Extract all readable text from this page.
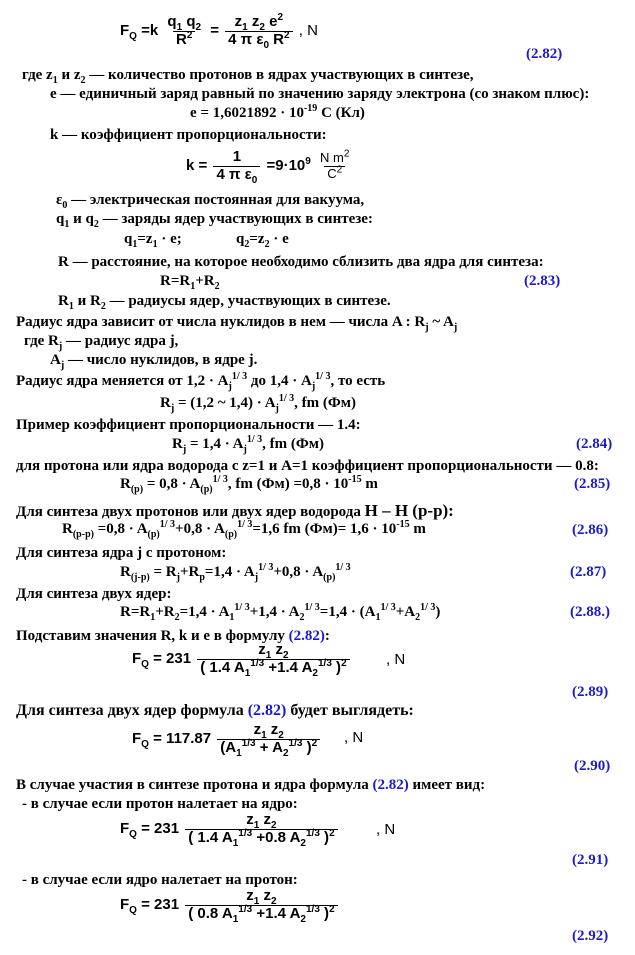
$F_Q =k \frac{q_1 q_2}{R^2} = \frac{z_1 z_2 e^2}{4 \pi \varepsilon_0 R^2}$ , N
(2.82)
где $z_1$ и $z_2$ — количество протонов в ядрах участвующих в синтезе,
e — единичный заряд равный по значению заряду электрона (со знаком плюс):
$e = 1,6021892 \cdot 10^{-19}$ C (Кл)
k — коэффициент пропорциональности:
$k = \frac{1}{4 \pi \varepsilon_0} =9\cdot 10^9 \frac{N m^2}{C^2}$
$\varepsilon_0$ — электрическая постоянная для вакуума,
$q_1$ и $q_2$ — заряды ядер участвующих в синтезе:
$q_1=z_1 \cdot e$;	$q_2=z_2 \cdot e$
R — расстояние, на которое необходимо сблизить два ядра для синтеза:
$R=R_1+R_2$	(2.83)
$R_1$ и $R_2$ — радиусы ядер, участвующих в синтезе.
Радиус ядра зависит от числа нуклидов в нем — числа A : $R_j$ ~ $A_j$
где $R_j$ — радиус ядра j,
$A_j$ — число нуклидов, в ядре j.
Радиус ядра меняется от $1,2 \cdot A_j^{1/ 3}$ до $1,4 \cdot A_j^{1/ 3}$, то есть
$R_j = (1,2$ ~ $1,4) \cdot A_j^{1/ 3}$, fm (Фм)
Пример коэффициент пропорциональности — 1.4:
$R_j = 1,4 \cdot A_j^{1/ 3}$, fm (Фм)	(2.84)
для протона или ядра водорода с z=1 и A=1 коэффициент пропорциональности — 0.8:
$R_{(p)} = 0,8 \cdot A_{(p)}^{1/ 3}$, fm $(Фм) =0,8 \cdot 10^{-15}$ m	(2.85)
Для синтеза двух протонов или двух ядер водорода H – H (p-p):
$R_{(p-p)} =0,8 \cdot A_{(p)}^{1/ 3}+0,8 \cdot A_{(p)}^{1/ 3}=1,6$ fm $(Фм)= 1,6 \cdot 10^{-15}$ m	(2.86)
Для синтеза ядра j с протоном:
$R_{(j-p)} = R_j+R_p=1,4 \cdot A_j^{1/ 3}+0,8 \cdot A_{(p)}^{1/ 3}$	(2.87)
Для синтеза двух ядер:
$R=R_1+R_2=1,4 \cdot A_1^{1/ 3}+1,4 \cdot A_2^{1/ 3}=1,4 \cdot (A_1^{1/ 3}+A_2^{1/ 3})$	(2.88.)
Подставим значения R, k и e в формулу (2.82):
$F_Q = 231 \frac{z_1 z_2}{( 1.4 A_1^{1/3} +1.4 A_2^{1/3} )^2}$ , N
(2.89)
Для синтеза двух ядер формула (2.82) будет выглядеть:
$F_Q = 117.87 \frac{z_1 z_2}{(A_1^{1/3} + A_2^{1/3} )^2}$ , N
(2.90)
В случае участия в синтезе протона и ядра формула (2.82) имеет вид:
- в случае если протон налетает на ядро:
$F_Q = 231 \frac{z_1 z_2}{( 1.4 A_1^{1/3} +0.8 A_2^{1/3} )^2}$	, N
(2.91)
- в случае если ядро налетает на протон:
$F_Q = 231 \frac{z_1 z_2}{( 0.8 A_1^{1/3} +1.4 A_2^{1/3} )^2}$
(2.92)
